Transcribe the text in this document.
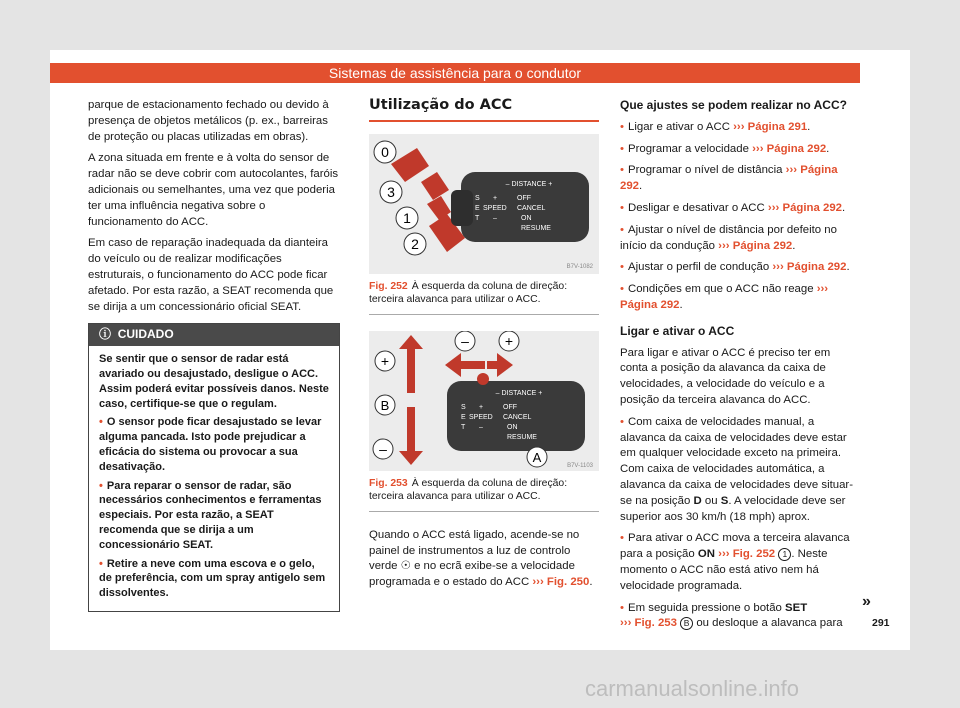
Sistemas de assistência para o condutor

parque de estacionamento fechado ou devido à presença de objetos metálicos (p. ex., barreiras de proteção ou placas utilizadas em obras).

A zona situada em frente e à volta do sensor de radar não se deve cobrir com autocolantes, faróis adicionais ou semelhantes, uma vez que poderia ter uma influência negativa sobre o funcionamento do ACC.

Em caso de reparação inadequada da dianteira do veículo ou de realizar modificações estruturais, o funcionamento do ACC pode ficar afetado. Por esta razão, a SEAT recomenda que se dirija a um concessionário oficial SEAT.

ⓘ CUIDADO

Se sentir que o sensor de radar está avariado ou desajustado, desligue o ACC. Assim poderá evitar possíveis danos. Neste caso, certifique-se que o regulam.

• O sensor pode ficar desajustado se levar alguma pancada. Isto pode prejudicar a eficácia do sistema ou provocar a sua desativação.

• Para reparar o sensor de radar, são necessários conhecimentos e ferramentas especiais. Por esta razão, a SEAT recomenda que se dirija a um concessionário SEAT.

• Retire a neve com uma escova e o gelo, de preferência, com um spray antigelo sem dissolventes.

Utilização do ACC
0
3
1
2
– DISTANCE +
S
E
T
SPEED
+
–
OFF
CANCEL
ON
RESUME
B7V-1082
Fig. 252 À esquerda da coluna de direção: terceira alavanca para utilizar o ACC.
+
–	+
B
–
A
– DISTANCE +
S
E
T
SPEED
+
–
OFF
CANCEL
ON
RESUME
B7V-1103
Fig. 253 À esquerda da coluna de direção: terceira alavanca para utilizar o ACC.

Quando o ACC está ligado, acende-se no painel de instrumentos a luz de controlo verde ☉ e no ecrã exibe-se a velocidade programada e o estado do ACC ››› Fig. 250.

Que ajustes se podem realizar no ACC?

• Ligar e ativar o ACC ››› Página 291.

• Programar a velocidade ››› Página 292.

• Programar o nível de distância ››› Página 292.

• Desligar e desativar o ACC ››› Página 292.

• Ajustar o nível de distância por defeito no início da condução ››› Página 292.

• Ajustar o perfil de condução ››› Página 292.

• Condições em que o ACC não reage ››› Página 292.

Ligar e ativar o ACC

Para ligar e ativar o ACC é preciso ter em conta a posição da alavanca da caixa de velocidades, a velocidade do veículo e a posição da terceira alavanca do ACC.

• Com caixa de velocidades manual, a alavanca da caixa de velocidades deve estar em qualquer velocidade exceto na primeira. Com caixa de velocidades automática, a alavanca da caixa de velocidades deve situar-se na posição D ou S. A velocidade deve ser superior aos 30 km/h (18 mph) aprox.

• Para ativar o ACC mova a terceira alavanca para a posição ON ››› Fig. 252 1 . Neste momento o ACC não está ativo nem há velocidade programada.

• Em seguida pressione o botão SET
››› Fig. 253 B ou desloque a alavanca para

»
291
carmanualsonline.info
